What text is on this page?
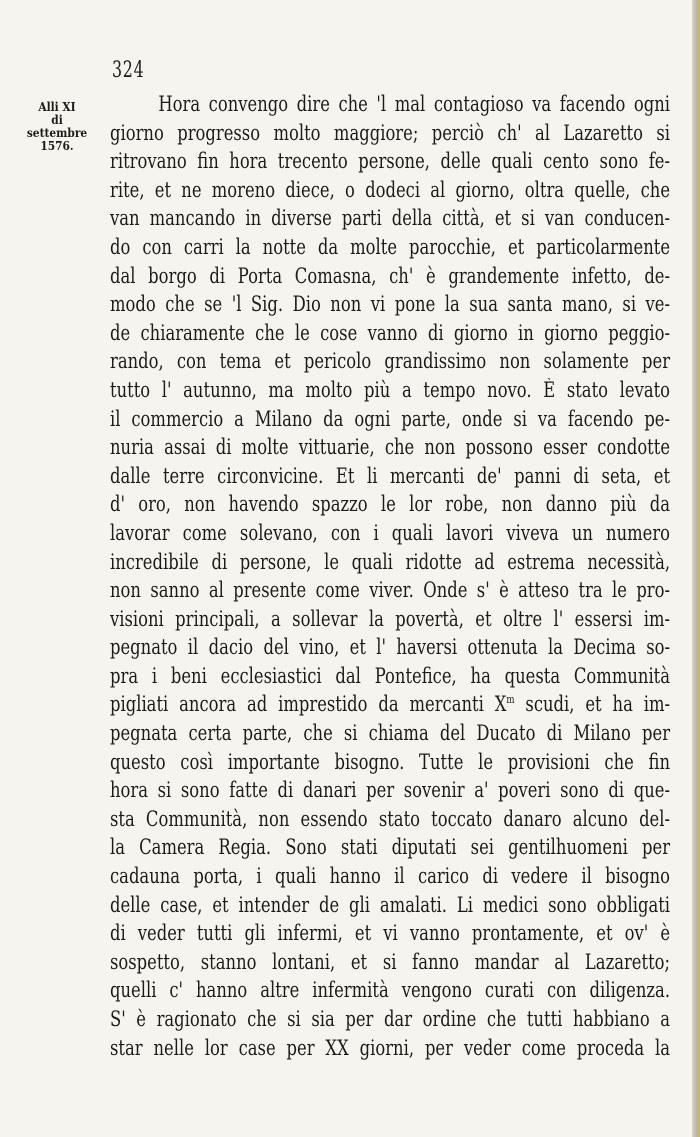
324
Alli XI
di
settembre
1576.
Hora convengo dire che 'l mal contagioso va facendo ogni
giorno progresso molto maggiore; perciò ch' al Lazaretto si
ritrovano fin hora trecento persone, delle quali cento sono fe-
rite, et ne moreno diece, o dodeci al giorno, oltra quelle, che
van mancando in diverse parti della città, et si van conducen-
do con carri la notte da molte parocchie, et particolarmente
dal borgo di Porta Comasna, ch' è grandemente infetto, de-
modo che se 'l Sig. Dio non vi pone la sua santa mano, si ve-
de chiaramente che le cose vanno di giorno in giorno peggio-
rando, con tema et pericolo grandissimo non solamente per
tutto l' autunno, ma molto più a tempo novo. È stato levato
il commercio a Milano da ogni parte, onde si va facendo pe-
nuria assai di molte vittuarie, che non possono esser condotte
dalle terre circonvicine. Et li mercanti de' panni di seta, et
d' oro, non havendo spazzo le lor robe, non danno più da
lavorar come solevano, con i quali lavori viveva un numero
incredibile di persone, le quali ridotte ad estrema necessità,
non sanno al presente come viver. Onde s' è atteso tra le pro-
visioni principali, a sollevar la povertà, et oltre l' essersi im-
pegnato il dacio del vino, et l' haversi ottenuta la Decima so-
pra i beni ecclesiastici dal Pontefice, ha questa Communità
pigliati ancora ad imprestido da mercanti $X^m$ scudi, et ha im-
pegnata certa parte, che si chiama del Ducato di Milano per
questo così importante bisogno. Tutte le provisioni che fin
hora si sono fatte di danari per sovenir a' poveri sono di que-
sta Communità, non essendo stato toccato danaro alcuno del-
la Camera Regia. Sono stati diputati sei gentilhuomeni per
cadauna porta, i quali hanno il carico di vedere il bisogno
delle case, et intender de gli amalati. Li medici sono obbligati
di veder tutti gli infermi, et vi vanno prontamente, et ov' è
sospetto, stanno lontani, et si fanno mandar al Lazaretto;
quelli c' hanno altre infermità vengono curati con diligenza.
S' è ragionato che si sia per dar ordine che tutti habbiano a
star nelle lor case per XX giorni, per veder come proceda la
